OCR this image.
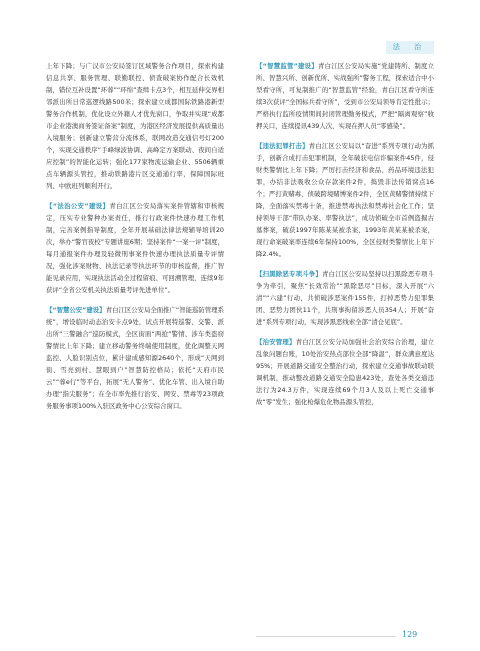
法 治

上年下降；与广汉市公安局签订区域警务合作项目，探索构建信息共享、服务管理、联勤联控、侦查破案协作配合长效机制，错位互补设置“环蓉”“环绵”查缉卡点3个，相互延伸交界相邻派出所日常巡逻线路500米；探索建立成都国际铁路港新型警务合作机制，优化设立外籍人才优先窗口，争取并实现“成都市企业港澳商务签证备案”制度，为港区经济发展提供高质量出入境服务；创新建立警营分流体系，联网改造交通信号灯200个，实现交通秩序“手峰绿波协调、高峰定方案联动、夜间自适应控制”的智能化运转；强化177家物流运输企业、5506辆重点车辆源头管控，推动铁路港片区交通通行率，保障国际班列、中欧班列顺利开行。

【“法治公安”建设】青白江区公安局落实案件管辖和审核规定，压实专业警种办案责任，推行行政案件快速办理工作机制，完善案例指导制度，全年开展基础法律法规辅导培训20次，举办“警官夜校”专题讲座6期；坚持案件“一案一评”制度，每月通报案件办理及轻微刑事案件快速办理执法质量专评情况，强化涉案财物、执法记录等执法环节的审核监督，推广智能见录应用，实现执法活动全过程留痕、可回溯管理，连续9年获评“全省公安机关执法质量考评先进单位”。

【“智慧公安”建设】青白江区公安局全面推广“智能巡防管理系统”，增设临时动态治安卡点9处，试点开展特巡警、交警、派出所“三警融合”巡防模式，全区街面“两抢”警情、涉车类盗窃警情比上年下降；建立移动警务终端使用制度，优化调整天网监控、人脸识别点位，累计建成感知源2640个，形成“天网到街、雪亮到村、慧眼到户”智慧防控格局；依托“天府市民云”“蓉e行”等平台，拓展“无人警务”、优化车管、出入境自助办理“指尖服务”；在全市率先推行治安、网安、禁毒等23项政务服务事项100%入驻区政务中心公安综合窗口。

【“智慧监管”建设】青白江区公安局实施“党建铸所、制度立所、智慧兴所、创新优所、实战强所”警务工程，探索适合中小型看守所，可复制推广的“智慧监管”经验，青白江区看守所连续3次获评“全国标兵看守所”，受到市公安局领导肯定性批示；严格执行监所疫情期间封闭管理勤务模式，严把“隔离观察”收押关口，连续提讯439人次，实现在押人员“零感染”。

【违法犯罪打击】青白江区公安局以“奋进”系列专项行动为抓手，创新合成打击犯罪机制，全年破获电信诈骗案件45件，侵财类警情比上年下降；严厉打击经济和食品、药品环境违法犯罪，办结非法吸收公众存款案件2件，捣毁非法传销窝点16个；严打黄赌毒，侦破跨境赌博案件2件，全区黄赌警情持续下降，全面落实禁毒十条，推进禁毒执法和禁毒社会化工作；坚持领导干部“带队办案、率警执法”，成功侦破全市首例盗掘古墓葬案，破获1997年陈某某被杀案、1993年黄某某被杀案，现行命案破案率连续6年保持100%，全区侵财类警情比上年下降2.4%。

【扫黑除恶专项斗争】青白江区公安局坚持以扫黑除恶专项斗争为牵引，聚焦“长效常治”“黑除恶尽”目标，深入开展“六清”“六建”行动，共侦破涉恶案件155件，打掉恶势力犯罪集团、恶势力团伙11个，共刑事拘留涉恶人员354人；开展“奋进”系列专项行动，实现涉黑恶线索全部“清仓见底”。

【治安管理】青白江区公安分局加强社会治安综合治理，建立乱象问题台账，10处治安热点部位全部“降温”，群众满意度达95%；开展道路交通安全整治行动，探索建立交通事故联动联调机制，推动整改道路交通安全隐患423处，查处各类交通违法行为24.3万件，实现连续69个月3人及以上死亡交通事故“零”发生；强化枪爆危化物品源头管控，

129
